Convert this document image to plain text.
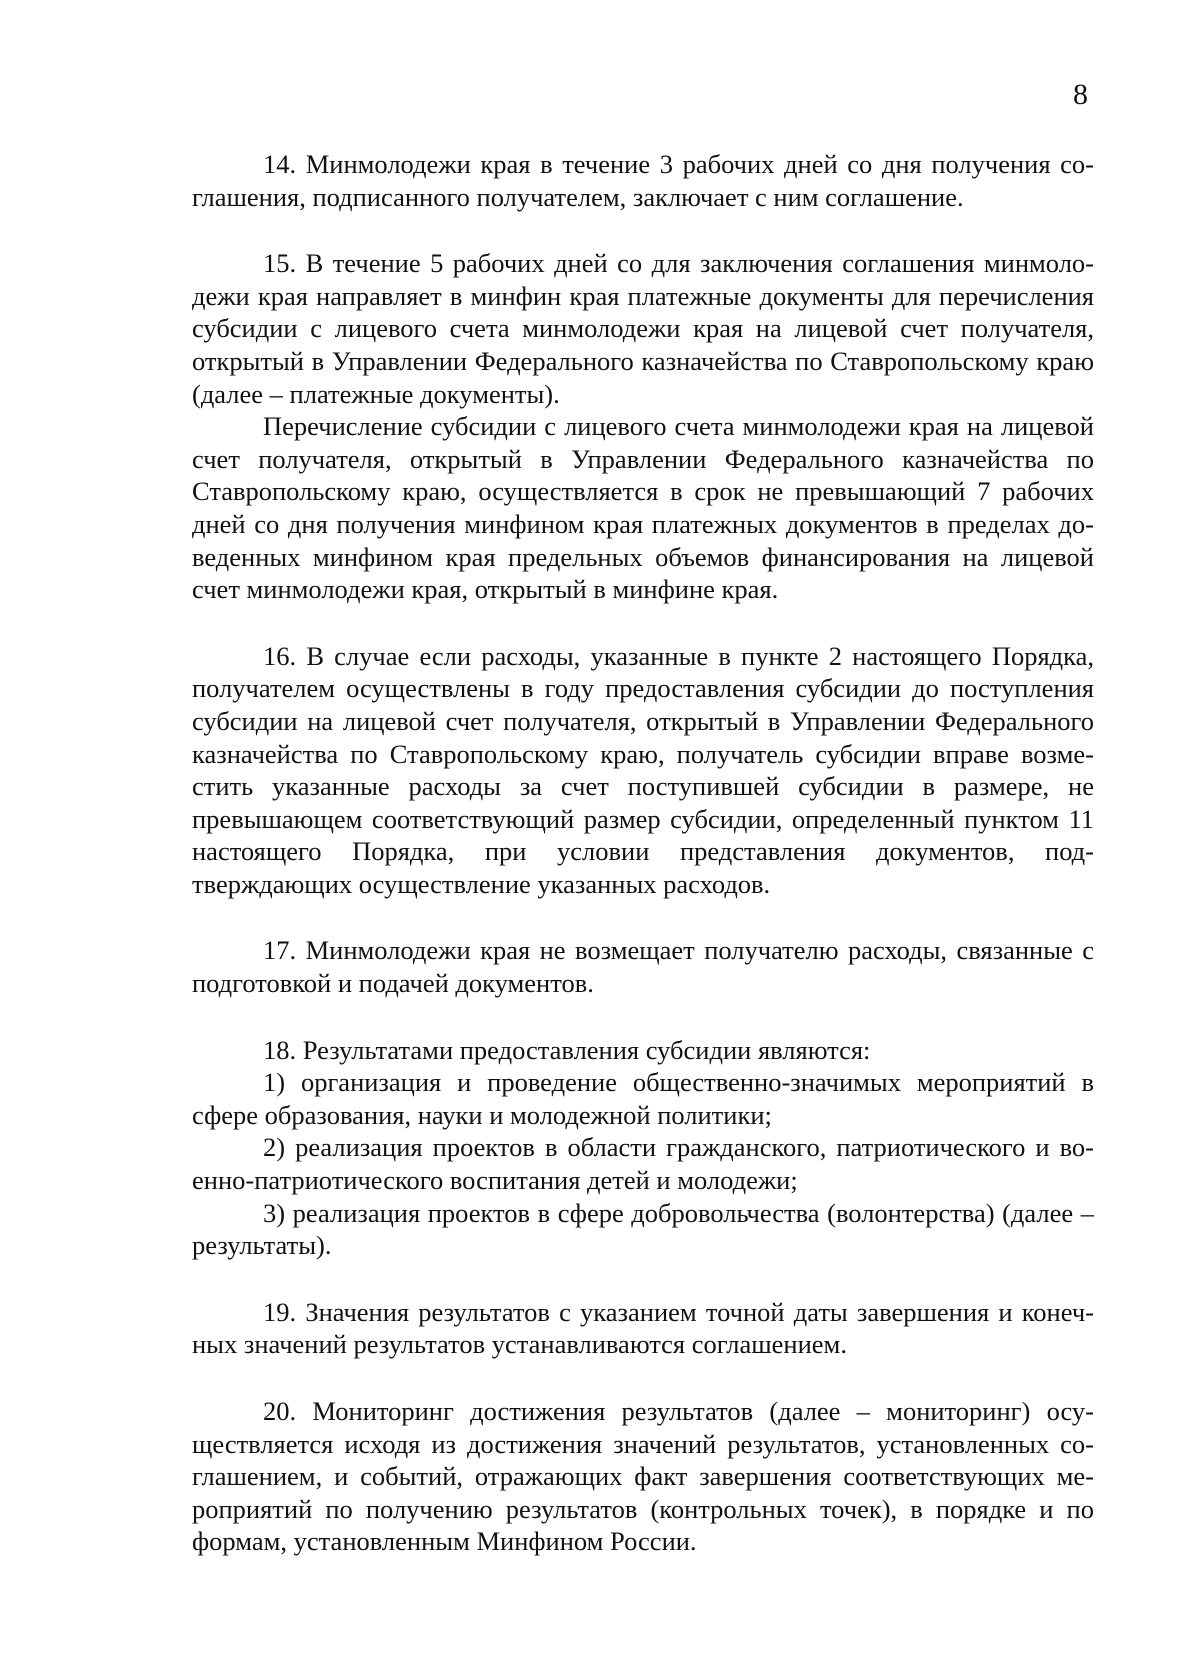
8

14. Минмолодежи края в течение 3 рабочих дней со дня получения соглашения, подписанного получателем, заключает с ним соглашение.

15. В течение 5 рабочих дней со для заключения соглашения минмолодежи края направляет в минфин края платежные документы для перечисления субсидии с лицевого счета минмолодежи края на лицевой счет получателя, открытый в Управлении Федерального казначейства по Ставропольскому краю (далее – платежные документы).

Перечисление субсидии с лицевого счета минмолодежи края на лицевой счет получателя, открытый в Управлении Федерального казначейства по Ставропольскому краю, осуществляется в срок не превышающий 7 рабочих дней со дня получения минфином края платежных документов в пределах доведенных минфином края предельных объемов финансирования на лицевой счет минмолодежи края, открытый в минфине края.

16. В случае если расходы, указанные в пункте 2 настоящего Порядка, получателем осуществлены в году предоставления субсидии до поступления субсидии на лицевой счет получателя, открытый в Управлении Федерального казначейства по Ставропольскому краю, получатель субсидии вправе возместить указанные расходы за счет поступившей субсидии в размере, не превышающем соответствующий размер субсидии, определенный пунктом 11 настоящего Порядка, при условии представления документов, подтверждающих осуществление указанных расходов.

17. Минмолодежи края не возмещает получателю расходы, связанные с подготовкой и подачей документов.

18. Результатами предоставления субсидии являются:

1) организация и проведение общественно-значимых мероприятий в сфере образования, науки и молодежной политики;

2) реализация проектов в области гражданского, патриотического и военно-патриотического воспитания детей и молодежи;

3) реализация проектов в сфере добровольчества (волонтерства) (далее – результаты).

19. Значения результатов с указанием точной даты завершения и конечных значений результатов устанавливаются соглашением.

20. Мониторинг достижения результатов (далее – мониторинг) осуществляется исходя из достижения значений результатов, установленных соглашением, и событий, отражающих факт завершения соответствующих мероприятий по получению результатов (контрольных точек), в порядке и по формам, установленным Минфином России.
